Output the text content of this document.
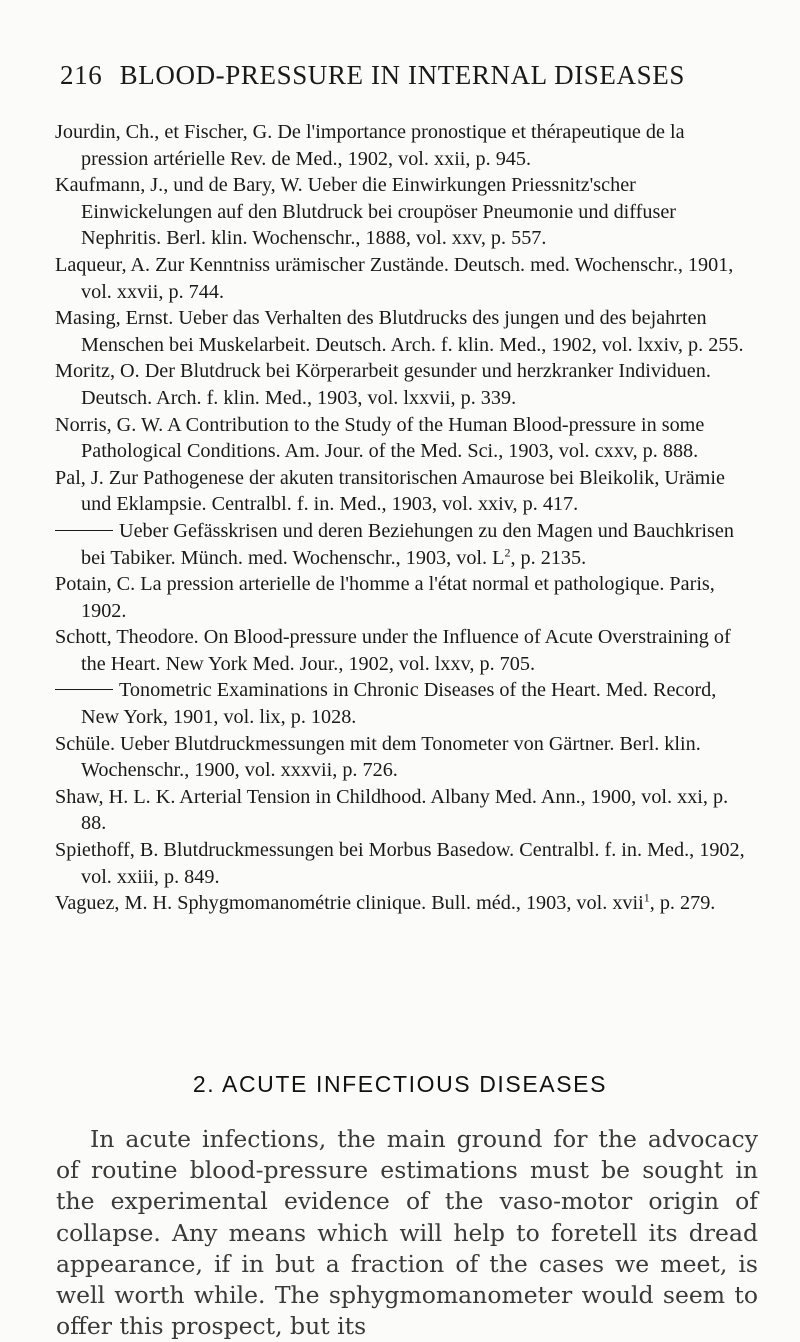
216 BLOOD-PRESSURE IN INTERNAL DISEASES
Jourdin, Ch., et Fischer, G. De l'importance pronostique et thérapeutique de la pression artérielle Rev. de Med., 1902, vol. xxii, p. 945.
Kaufmann, J., und de Bary, W. Ueber die Einwirkungen Priessnitz'scher Einwickelungen auf den Blutdruck bei croupöser Pneumonie und diffuser Nephritis. Berl. klin. Wochenschr., 1888, vol. xxv, p. 557.
Laqueur, A. Zur Kenntniss urämischer Zustände. Deutsch. med. Wochenschr., 1901, vol. xxvii, p. 744.
Masing, Ernst. Ueber das Verhalten des Blutdrucks des jungen und des bejahrten Menschen bei Muskelarbeit. Deutsch. Arch. f. klin. Med., 1902, vol. lxxiv, p. 255.
Moritz, O. Der Blutdruck bei Körperarbeit gesunder und herzkranker Individuen. Deutsch. Arch. f. klin. Med., 1903, vol. lxxvii, p. 339.
Norris, G. W. A Contribution to the Study of the Human Blood-pressure in some Pathological Conditions. Am. Jour. of the Med. Sci., 1903, vol. cxxv, p. 888.
Pal, J. Zur Pathogenese der akuten transitorischen Amaurose bei Bleikolik, Urämie und Eklampsie. Centralbl. f. in. Med., 1903, vol. xxiv, p. 417.
Ueber Gefässkrisen und deren Beziehungen zu den Magen und Bauchkrisen bei Tabiker. Münch. med. Wochenschr., 1903, vol. $L^2$, p. 2135.
Potain, C. La pression arterielle de l'homme a l'état normal et pathologique. Paris, 1902.
Schott, Theodore. On Blood-pressure under the Influence of Acute Overstraining of the Heart. New York Med. Jour., 1902, vol. lxxv, p. 705.
Tonometric Examinations in Chronic Diseases of the Heart. Med. Record, New York, 1901, vol. lix, p. 1028.
Schüle. Ueber Blutdruckmessungen mit dem Tonometer von Gärtner. Berl. klin. Wochenschr., 1900, vol. xxxvii, p. 726.
Shaw, H. L. K. Arterial Tension in Childhood. Albany Med. Ann., 1900, vol. xxi, p. 88.
Spiethoff, B. Blutdruckmessungen bei Morbus Basedow. Centralbl. f. in. Med., 1902, vol. xxiii, p. 849.
Vaguez, M. H. Sphygmomanométrie clinique. Bull. méd., 1903, vol. xvii$^1$, p. 279.
2. ACUTE INFECTIOUS DISEASES
In acute infections, the main ground for the advocacy of routine blood-pressure estimations must be sought in the experimental evidence of the vaso-motor origin of collapse. Any means which will help to foretell its dread appearance, if in but a fraction of the cases we meet, is well worth while. The sphygmomanometer would seem to offer this prospect, but its
